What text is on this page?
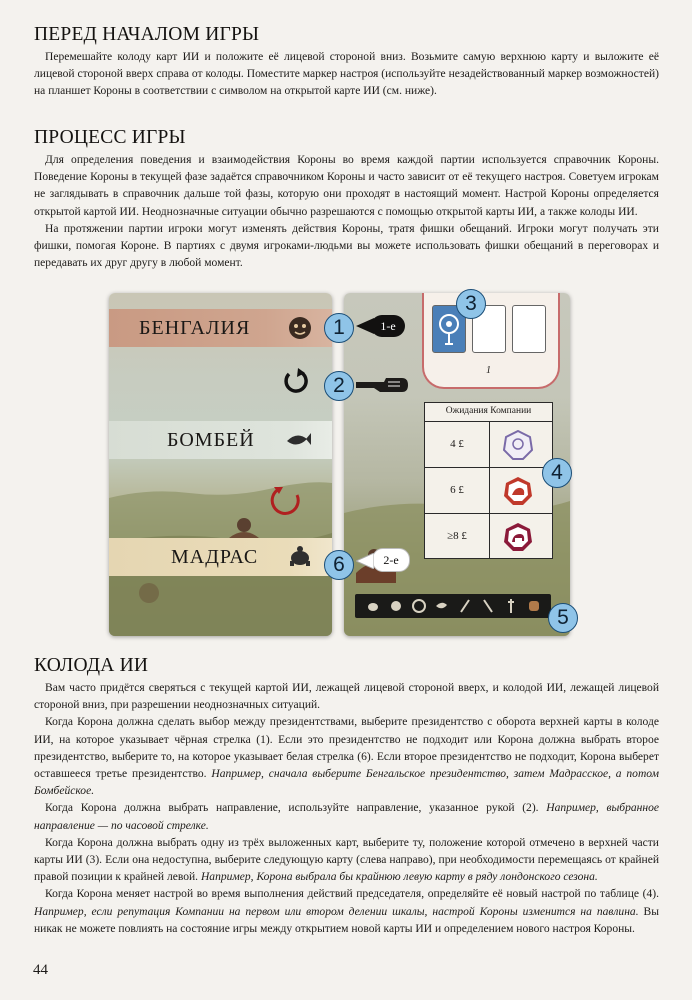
ПЕРЕД НАЧАЛОМ ИГРЫ

Перемешайте колоду карт ИИ и положите её лицевой стороной вниз. Возьмите самую верхнюю карту и выложите её лицевой стороной вверх справа от колоды. Поместите маркер настроя (используйте незадействованный маркер возможностей) на планшет Короны в соответствии с символом на открытой карте ИИ (см. ниже).

ПРОЦЕСС ИГРЫ

Для определения поведения и взаимодействия Короны во время каждой партии используется справочник Короны. Поведение Короны в текущей фазе задаётся справочником Короны и часто зависит от её текущего настроя. Советуем игрокам не заглядывать в справочник дальше той фазы, которую они проходят в настоящий момент. Настрой Короны определяется открытой картой ИИ. Неоднозначные ситуации обычно разрешаются с помощью открытой карты ИИ, а также колоды ИИ.

На протяжении партии игроки могут изменять действия Короны, тратя фишки обещаний. Игроки могут получать эти фишки, помогая Короне. В партиях с двумя игроками-людьми вы можете использовать фишки обещаний в переговорах и передавать их друг другу в любой момент.

БЕНГАЛИЯ
БОМБЕЙ
МАДРАС
1
Ожидания Компании
4 £
6 £
≥8 £
1	1-е
2
3
4
5
6	2-е
КОЛОДА ИИ

Вам часто придётся сверяться с текущей картой ИИ, лежащей лицевой стороной вверх, и колодой ИИ, лежащей лицевой стороной вниз, при разрешении неоднозначных ситуаций.

Когда Корона должна сделать выбор между президентствами, выберите президентство с оборота верхней карты в колоде ИИ, на которое указывает чёрная стрелка (1). Если это президентство не подходит или Корона должна выбрать второе президентство, выберите то, на которое указывает белая стрелка (6). Если второе президентство не подходит, Корона выберет оставшееся третье президентство. Например, сначала выберите Бенгальское президентство, затем Мадрасское, а потом Бомбейское.

Когда Корона должна выбрать направление, используйте направление, указанное рукой (2). Например, выбранное направление — по часовой стрелке.

Когда Корона должна выбрать одну из трёх выложенных карт, выберите ту, положение которой отмечено в верхней части карты ИИ (3). Если она недоступна, выберите следующую карту (слева направо), при необходимости перемещаясь от крайней правой позиции к крайней левой. Например, Корона выбрала бы крайнюю левую карту в ряду лондонского сезона.

Когда Корона меняет настрой во время выполнения действий председателя, определяйте её новый настрой по таблице (4). Например, если репутация Компании на первом или втором делении шкалы, настрой Короны изменится на павлина. Вы никак не можете повлиять на состояние игры между открытием новой карты ИИ и определением нового настроя Короны.

44
